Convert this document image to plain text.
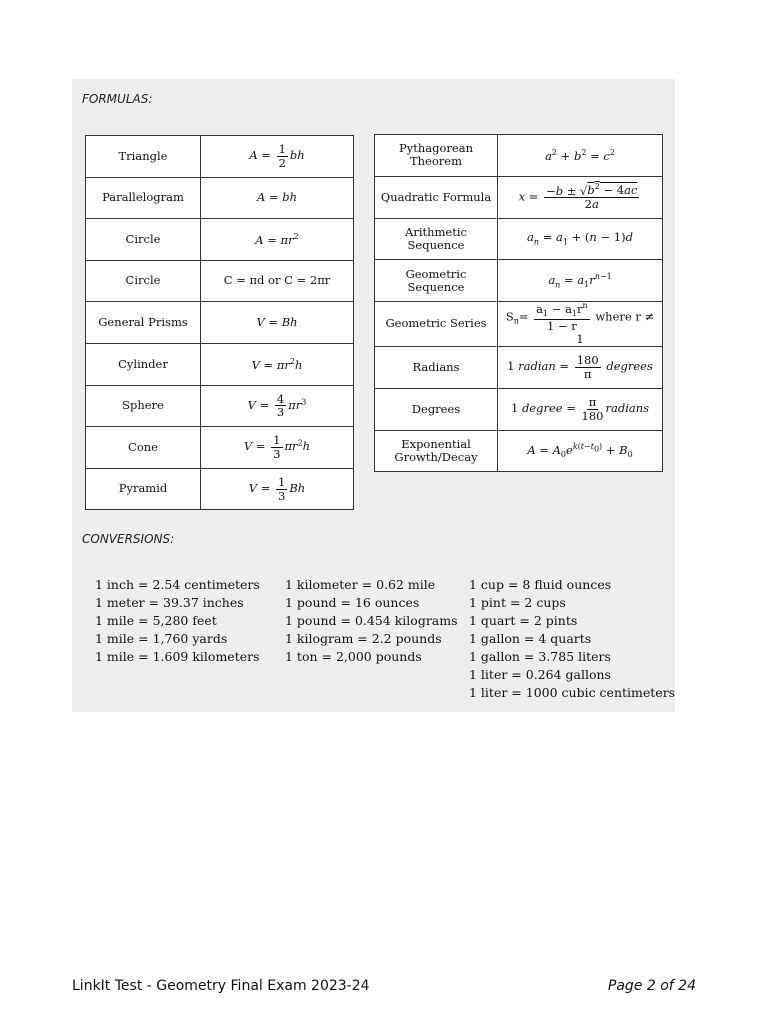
FORMULAS:
Triangle	$A = \frac{1}{2}$ bh
Parallelogram	A = bh
Circle	$A = \pi r^2$
Circle	C = πd or C = 2πr
General Prisms	V = Bh
Cylinder	$V = \pi r^2h$
Sphere	$V = \frac{4}{3} \pi r^3$
Cone	$V = \frac{1}{3} \pi r^2h$
Pyramid	$V = \frac{1}{3}$ Bh
Pythagorean Theorem	$a^2 + b^2 = c^2$
Quadratic Formula	$x = \frac{-b \pm √b^2 - 4ac}{2a}$

Arithmetic Sequence	$a_n = a_1 + (n - 1)d$
Geometric Sequence	$a_n = a_1r^{n-1}$
Geometric Series	$S_n= \frac{a_1 - a_1r^n}{1 - r}$ where r ≠ 1
Radians	1 radian = $\frac{180}{\pi}$ degrees
Degrees	1 degree = $\frac{\pi}{180}$ radians
Exponential Growth/Decay	$A = A_0e^{k(t-t_0)} + B_0$
CONVERSIONS:
1 inch = 2.54 centimeters
1 meter = 39.37 inches
1 mile = 5,280 feet
1 mile = 1,760 yards
1 mile = 1.609 kilometers
1 kilometer = 0.62 mile
1 pound = 16 ounces
1 pound = 0.454 kilograms
1 kilogram = 2.2 pounds
1 ton = 2,000 pounds
1 cup = 8 fluid ounces
1 pint = 2 cups
1 quart = 2 pints
1 gallon = 4 quarts
1 gallon = 3.785 liters
1 liter = 0.264 gallons
1 liter = 1000 cubic centimeters
LinkIt Test - Geometry Final Exam 2023-24	Page 2 of 24
